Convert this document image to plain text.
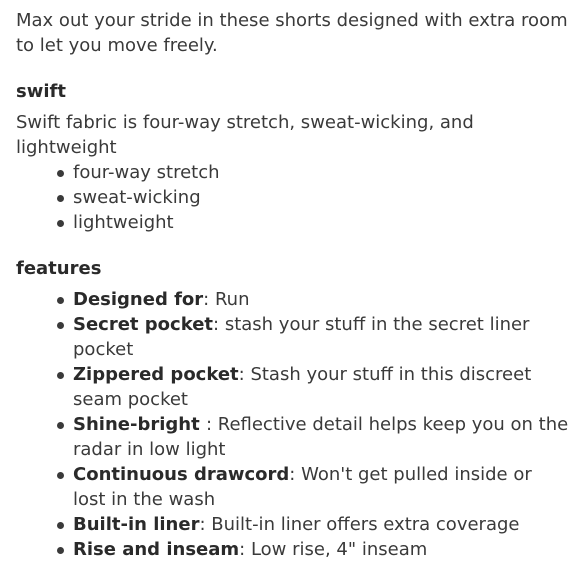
Max out your stride in these shorts designed with extra room to let you move freely.

swift

Swift fabric is four-way stretch, sweat-wicking, and lightweight

four-way stretch
sweat-wicking
lightweight
features
Designed for: Run
Secret pocket: stash your stuff in the secret liner pocket
Zippered pocket: Stash your stuff in this discreet seam pocket
Shine-bright : Reflective detail helps keep you on the radar in low light
Continuous drawcord: Won't get pulled inside or lost in the wash
Built-in liner: Built-in liner offers extra coverage
Rise and inseam: Low rise, 4" inseam
